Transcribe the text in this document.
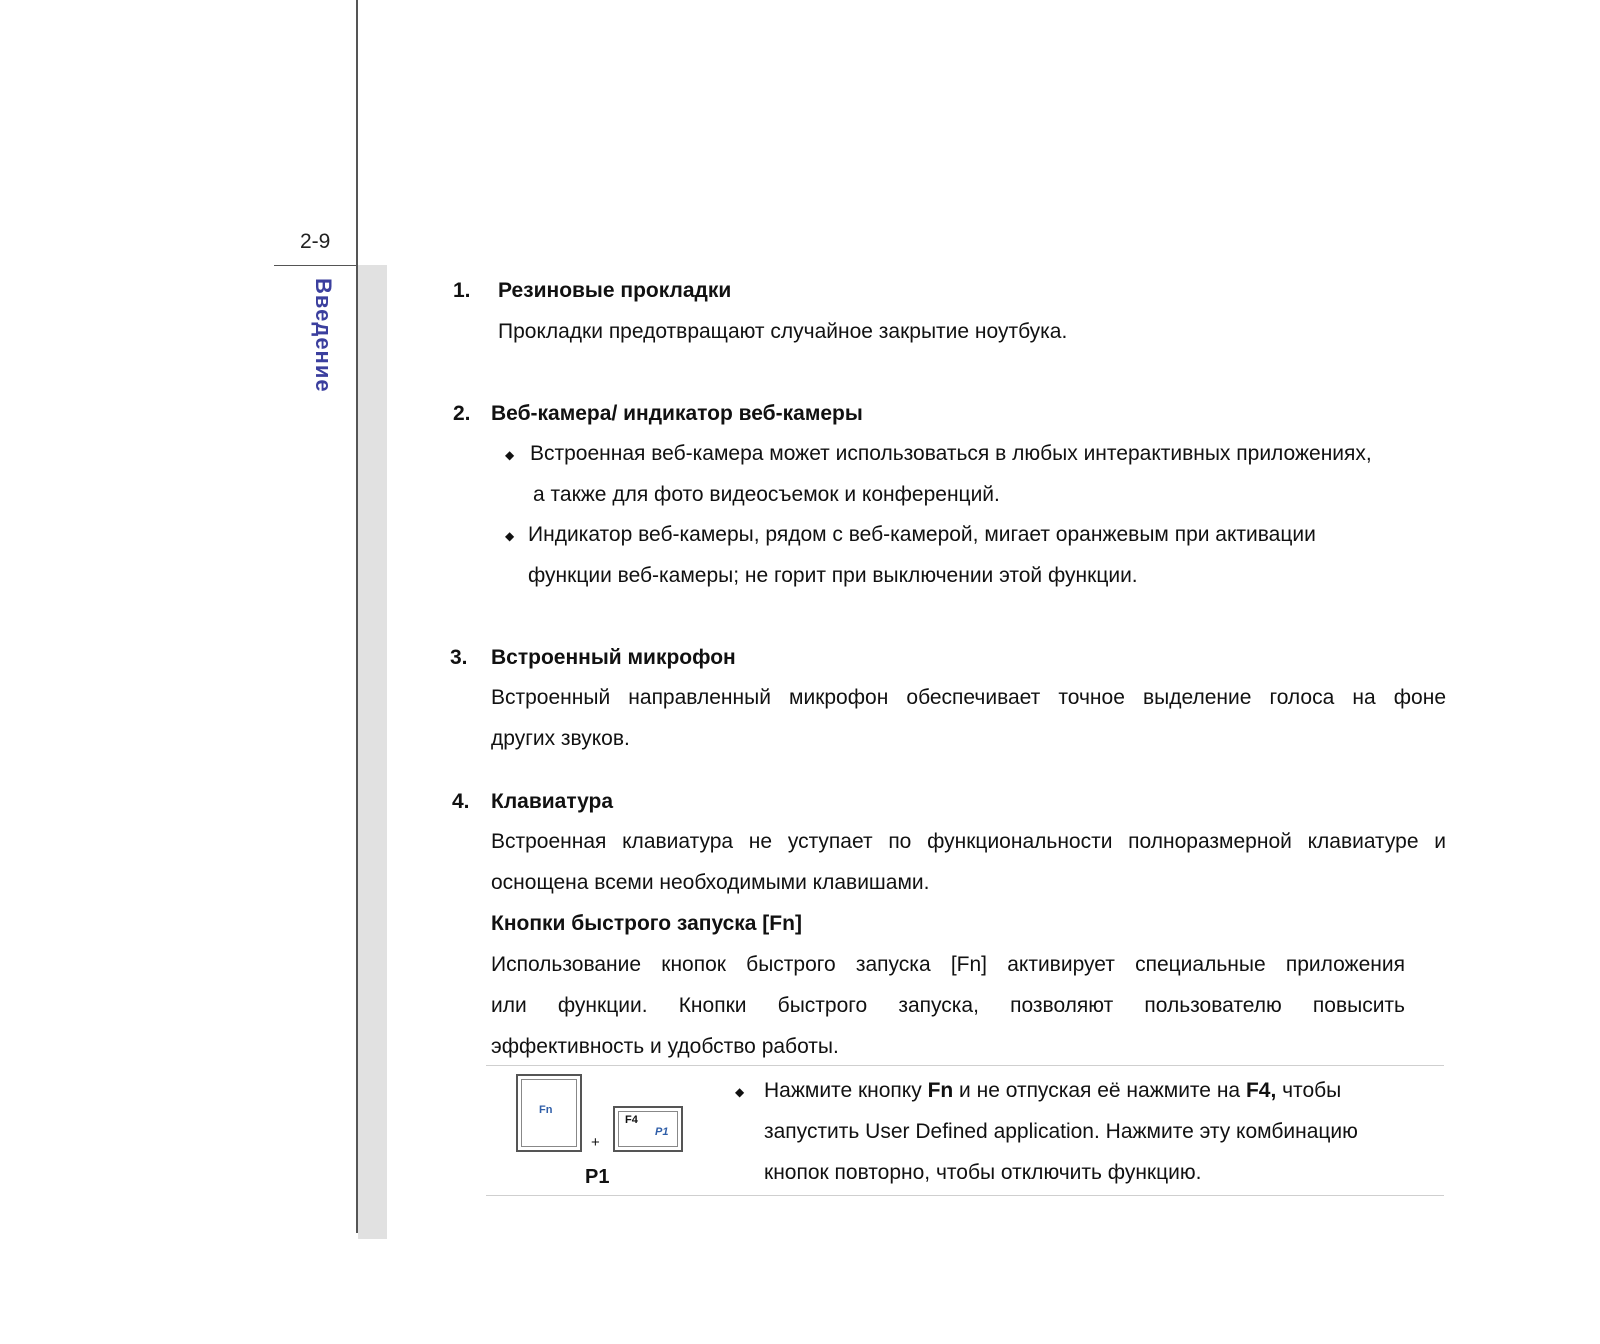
2-9
Введение	1. Резиновые прокладки
Прокладки предотвращают случайное закрытие ноутбука.
2. Веб-камера/ индикатор веб-камеры
◆ Встроенная веб-камера может использоваться в любых интерактивных приложениях,
а также для фото видеосъемок и конференций.
◆ Индикатор веб-камеры, рядом с веб-камерой, мигает оранжевым при активации
функции веб-камеры; не горит при выключении этой функции.
3. Встроенный микрофон
Встроенный направленный микрофон обеспечивает точное выделение голоса на фоне
других звуков.
4. Клавиатура
Встроенная клавиатура не уступает по функциональности полноразмерной клавиатуре и
оснощена всеми необходимыми клавишами.
Кнопки быстрого запуска [Fn]
Использование кнопок быстрого запуска [Fn] активирует специальные приложения
или функции. Кнопки быстрого запуска, позволяют пользователю повысить
эффективность и удобство работы.
Fn
+
F4
P1
P1
◆ Нажмите кнопку Fn и не отпуская её нажмите на F4, чтобы
запустить User Defined application. Нажмите эту комбинацию
кнопок повторно, чтобы отключить функцию.
